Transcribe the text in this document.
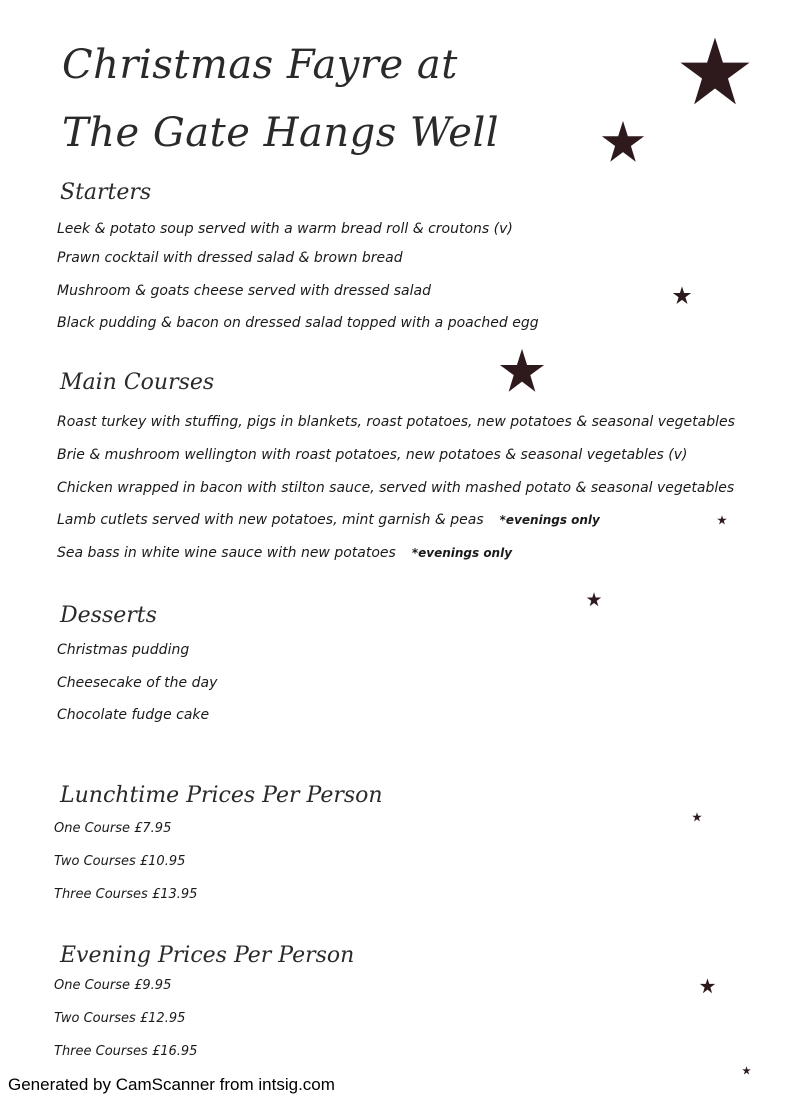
Christmas Fayre at
The Gate Hangs Well
Starters
Leek & potato soup served with a warm bread roll & croutons (v)
Prawn cocktail with dressed salad & brown bread
Mushroom & goats cheese served with dressed salad
Black pudding & bacon on dressed salad topped with a poached egg
Main Courses
Roast turkey with stuffing, pigs in blankets, roast potatoes, new potatoes & seasonal vegetables
Brie & mushroom wellington with roast potatoes, new potatoes & seasonal vegetables (v)
Chicken wrapped in bacon with stilton sauce, served with mashed potato & seasonal vegetables
Lamb cutlets served with new potatoes, mint garnish & peas *evenings only
Sea bass in white wine sauce with new potatoes *evenings only
Desserts
Christmas pudding
Cheesecake of the day
Chocolate fudge cake
Lunchtime Prices Per Person
One Course £7.95
Two Courses £10.95
Three Courses £13.95
Evening Prices Per Person
One Course £9.95
Two Courses £12.95
Three Courses £16.95
Generated by CamScanner from intsig.com
